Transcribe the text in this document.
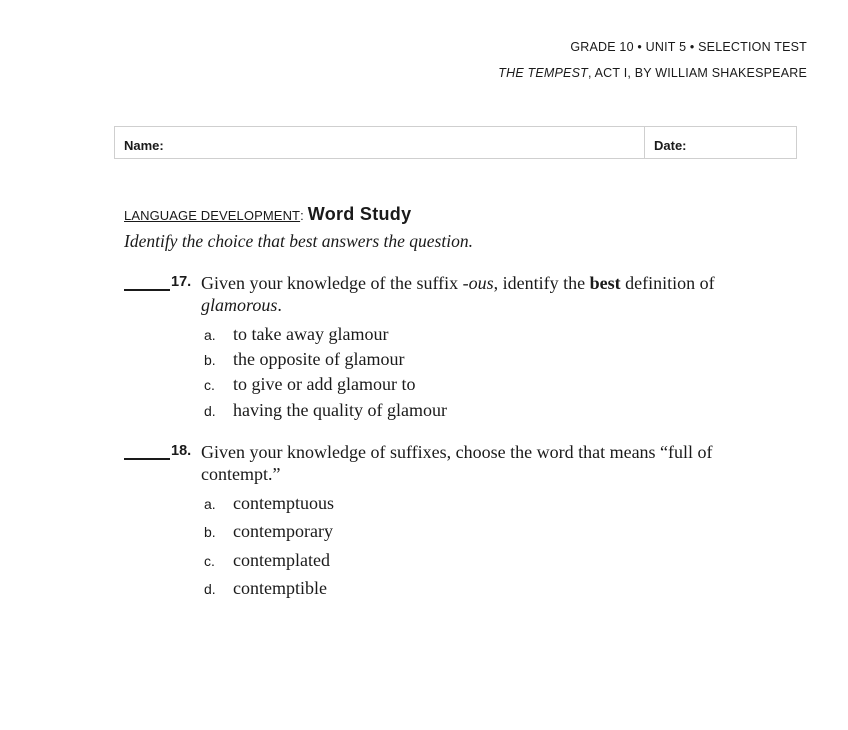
GRADE 10 • UNIT 5 • SELECTION TEST
THE TEMPEST, ACT I, BY WILLIAM SHAKESPEARE
Name:	Date:
LANGUAGE DEVELOPMENT: Word Study
Identify the choice that best answers the question.
17. Given your knowledge of the suffix -ous, identify the best definition of glamorous.
a. to take away glamour
b. the opposite of glamour
c. to give or add glamour to
d. having the quality of glamour
18. Given your knowledge of suffixes, choose the word that means “full of contempt.”
a. contemptuous
b. contemporary
c. contemplated
d. contemptible
